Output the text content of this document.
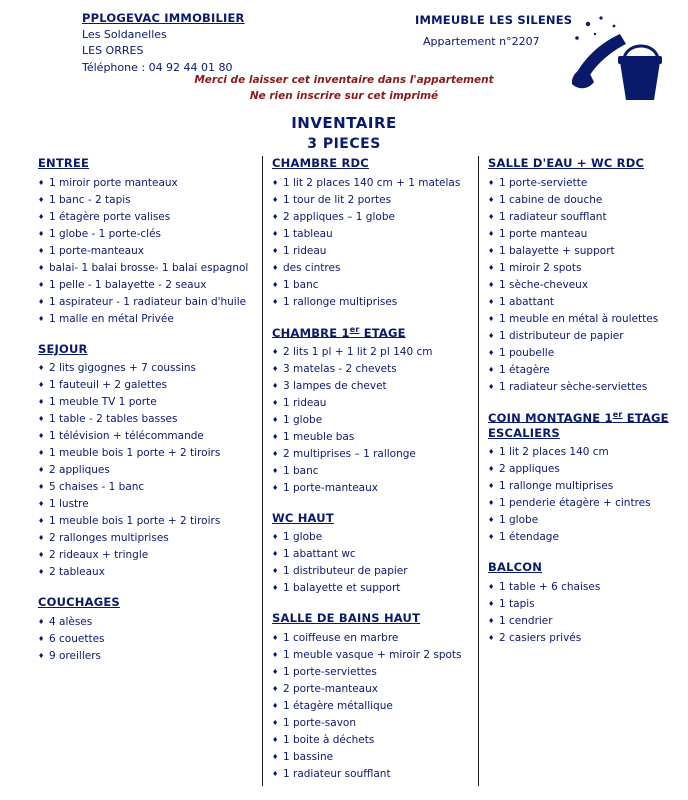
PPLOGEVAC IMMOBILIER
Les Soldanelles
LES ORRES
Téléphone : 04 92 44 01 80
IMMEUBLE LES SILENES
Appartement n°2207
Merci de laisser cet inventaire dans l'appartement
Ne rien inscrire sur cet imprimé
INVENTAIRE
3 PIECES
ENTREE
♦ 1 miroir porte manteaux
♦ 1 banc - 2 tapis
♦ 1 étagère porte valises
♦ 1 globe - 1 porte-clés
♦ 1 porte-manteaux
♦ balai- 1 balai brosse- 1 balai espagnol
♦ 1 pelle - 1 balayette - 2 seaux
♦ 1 aspirateur - 1 radiateur bain d'huile
♦ 1 malle en métal Privée
SEJOUR
♦ 2 lits gigognes + 7 coussins
♦ 1 fauteuil + 2 galettes
♦ 1 meuble TV 1 porte
♦ 1 table - 2 tables basses
♦ 1 télévision + télécommande
♦ 1 meuble bois 1 porte + 2 tiroirs
♦ 2 appliques
♦ 5 chaises - 1 banc
♦ 1 lustre
♦ 1 meuble bois 1 porte + 2 tiroirs
♦ 2 rallonges multiprises
♦ 2 rideaux + tringle
♦ 2 tableaux
COUCHAGES
♦ 4 alèses
♦ 6 couettes
♦ 9 oreillers
CHAMBRE RDC
♦ 1 lit 2 places 140 cm + 1 matelas
♦ 1 tour de lit 2 portes
♦ 2 appliques – 1 globe
♦ 1 tableau
♦ 1 rideau
♦ des cintres
♦ 1 banc
♦ 1 rallonge multiprises
CHAMBRE 1er ETAGE
♦ 2 lits 1 pl + 1 lit 2 pl 140 cm
♦ 3 matelas - 2 chevets
♦ 3 lampes de chevet
♦ 1 rideau
♦ 1 globe
♦ 1 meuble bas
♦ 2 multiprises – 1 rallonge
♦ 1 banc
♦ 1 porte-manteaux
WC HAUT
♦ 1 globe
♦ 1 abattant wc
♦ 1 distributeur de papier
♦ 1 balayette et support
SALLE DE BAINS HAUT
♦ 1 coiffeuse en marbre
♦ 1 meuble vasque + miroir 2 spots
♦ 1 porte-serviettes
♦ 2 porte-manteaux
♦ 1 étagère métallique
♦ 1 porte-savon
♦ 1 boite à déchets
♦ 1 bassine
♦ 1 radiateur soufflant
SALLE D'EAU + WC RDC
♦ 1 porte-serviette
♦ 1 cabine de douche
♦ 1 radiateur soufflant
♦ 1 porte manteau
♦ 1 balayette + support
♦ 1 miroir 2 spots
♦ 1 sèche-cheveux
♦ 1 abattant
♦ 1 meuble en métal à roulettes
♦ 1 distributeur de papier
♦ 1 poubelle
♦ 1 étagère
♦ 1 radiateur sèche-serviettes
COIN MONTAGNE 1er ETAGE
ESCALIERS
♦ 1 lit 2 places 140 cm
♦ 2 appliques
♦ 1 rallonge multiprises
♦ 1 penderie étagère + cintres
♦ 1 globe
♦ 1 étendage
BALCON
♦ 1 table + 6 chaises
♦ 1 tapis
♦ 1 cendrier
♦ 2 casiers privés
